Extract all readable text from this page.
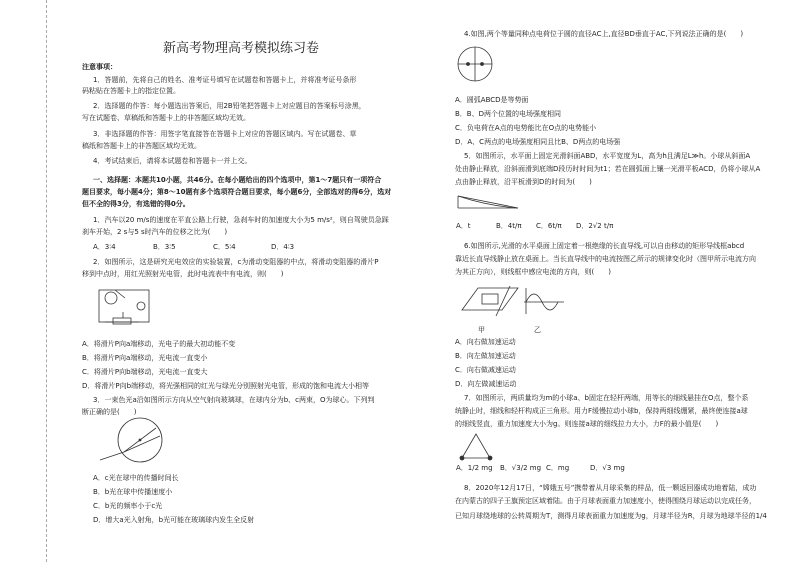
新高考物理高考模拟练习卷
注意事项：
1．答题前，先将自己的姓名、准考证号填写在试题卷和答题卡上，并将准考证号条形
码粘贴在答题卡上的指定位置。
2．选择题的作答：每小题选出答案后，用2B铅笔把答题卡上对应题目的答案标号涂黑，
写在试题卷、草稿纸和答题卡上的非答题区域均无效。
3．非选择题的作答：用签字笔直接答在答题卡上对应的答题区域内。写在试题卷、草
稿纸和答题卡上的非答题区域均无效。
4．考试结束后，请将本试题卷和答题卡一并上交。
一、选择题：本题共10小题，共46分。在每小题给出的四个选项中，第1～7题只有一项符合
题目要求，每小题4分；第8～10题有多个选项符合题目要求，每小题6分，全部选对的得6分，选对
但不全的得3分，有选错的得0分。
1．汽车以20 m/s的速度在平直公路上行驶，急刹车时的加速度大小为5 m/s²，则自驾驶员急踩
刹车开始，2 s与5 s时汽车的位移之比为(　　)
A．3∶4	B．3∶5	C．5∶4	D．4∶3
2．如图所示，这是研究光电效应的实验装置，c为滑动变阻器的中点，将滑动变阻器的滑片P
移到中点时，用红光照射光电管，此时电流表中有电流，则(　　)
A．将滑片P向a端移动，光电子的最大初动能不变
B．将滑片P向a端移动，光电流一直变小
C．将滑片P向b端移动，光电流一直变大
D．将滑片P向b端移动，将光强相同的红光与绿光分别照射光电管，形成的饱和电流大小相等
3．一束色光a沿如图所示方向从空气射向玻璃球，在球内分为b、c两束，O为球心。下列判
断正确的是(　　)
A．c光在球中的传播时间长
B．b光在球中传播速度小
C．b光的频率小于c光
D．增大a光入射角，b光可能在玻璃球内发生全反射
4.如图,两个等量同种点电荷位于圆的直径AC上,直径BD垂直于AC,下列说法正确的是(　　)
A．圆弧ABCD是等势面
B．B、D两个位置的电场强度相同
C．负电荷在A点的电势能比在O点的电势能小
D．A、C两点的电场强度相同且比B、D两点的电场强
5．如图所示，水平面上固定光滑斜面ABD，水平宽度为L，高为h且满足L≫h。小球从斜面A
处由静止释放，沿斜面滑到底端D段历时时间为t1；若在圆弧面上镶一光滑平板ACD，仍将小球从A
点由静止释放，沿平板滑到D的时间为(　　)
A．t	B．4t/π C．6t/π D．2√2 t/π
6.如图所示,光滑的水平桌面上固定着一根绝缘的长直导线,可以自由移动的矩形导线框abcd
靠近长直导线静止放在桌面上。当长直导线中的电流按图乙所示的规律变化时（图甲所示电流方向
为其正方向），则线框中感应电流的方向，则(　　)
甲	乙
A．向右做加速运动
B．向左做加速运动
C．向右做减速运动
D．向左做减速运动
7．如图所示，两质量均为m的小球a、b固定在轻杆两端，用等长的细线悬挂在O点，整个系
统静止时，细线和轻杆构成正三角形。用力F缓慢拉动小球b，保持两细线绷紧，最终使连接a球
的细线竖直，重力加速度大小为g。则连接a球的细线拉力大小，力F的最小值是(　　)
A．1/2 mg B．√3/2 mg C．mg	D．√3 mg
8．2020年12月17日，“嫦娥五号”携带着从月球采集的样品，低一颗返回器成功地着陆，成功
在内蒙古的四子王旗预定区域着陆。由于月球表面重力加速度小，使得围绕月球运动以完成任务，
已知月球绕地球的公转周期为T，测得月球表面重力加速度为g，月球半径为R，月球为地球半径的1/4
